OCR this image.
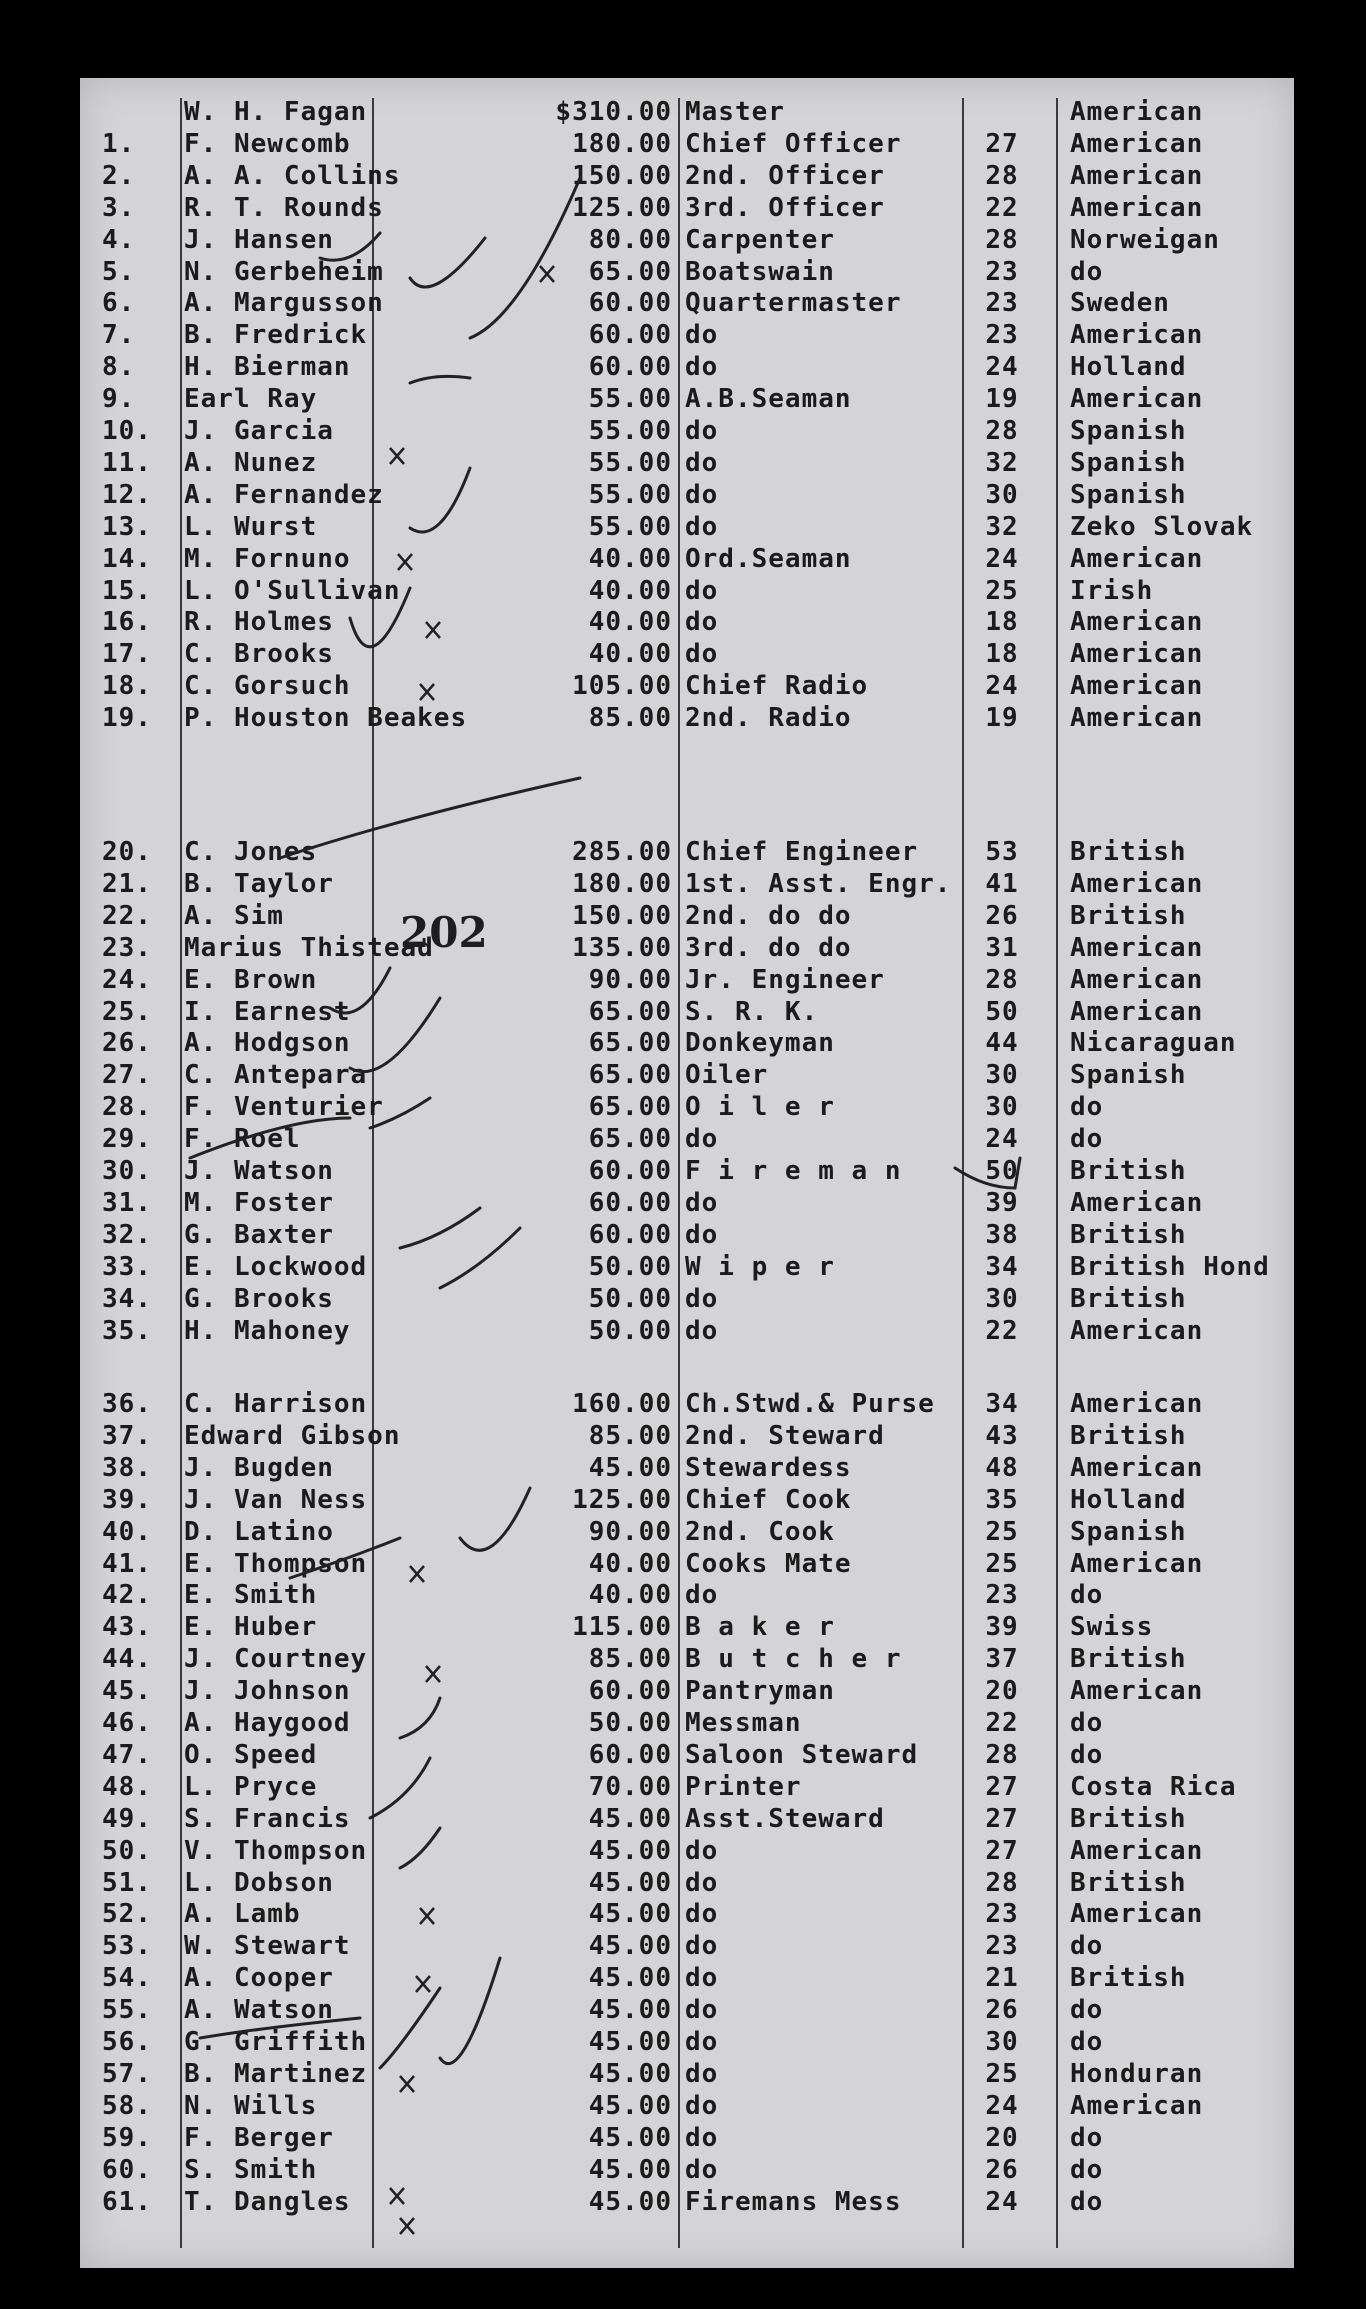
W. H. Fagan	$310.00 Master	American
1.	F. Newcomb	180.00 Chief Officer	27	American
2.	A. A. Collins	150.00 2nd. Officer	28	American
3.	R. T. Rounds	125.00 3rd. Officer	22	American
4.	J. Hansen	80.00 Carpenter	28	Norweigan
5.	N. Gerbeheim	65.00 Boatswain	23	do
6.	A. Margusson	60.00 Quartermaster	23	Sweden
7.	B. Fredrick	60.00 do	23	American
8.	H. Bierman	60.00 do	24	Holland
9.	Earl Ray	55.00 A.B.Seaman	19	American
10.	J. Garcia	55.00 do	28	Spanish
11.	A. Nunez	55.00 do	32	Spanish
12.	A. Fernandez	55.00 do	30	Spanish
13.	L. Wurst	55.00 do	32	Zeko Slovak
14.	M. Fornuno	40.00 Ord.Seaman	24	American
15.	L. O'Sullivan	40.00 do	25	Irish
16.	R. Holmes	40.00 do	18	American
17.	C. Brooks	40.00 do	18	American
18.	C. Gorsuch	105.00 Chief Radio	24	American
19.	P. Houston Beakes	85.00 2nd. Radio	19	American
20.	C. Jones	285.00 Chief Engineer	53	British
21.	B. Taylor	180.00 1st. Asst. Engr.	41	American
22.	A. Sim	150.00 2nd. do do	26	British
23.	Marius Thistead	135.00 3rd. do do	31	American
24.	E. Brown	90.00 Jr. Engineer	28	American
25.	I. Earnest	65.00 S. R. K.	50	American
26.	A. Hodgson	65.00 Donkeyman	44	Nicaraguan
27.	C. Antepara	65.00 Oiler	30	Spanish
28.	F. Venturier	65.00 O i l e r	30	do
29.	F. Roel	65.00 do	24	do
30.	J. Watson	60.00 F i r e m a n	50	British
31.	M. Foster	60.00 do	39	American
32.	G. Baxter	60.00 do	38	British
33.	E. Lockwood	50.00 W i p e r	34	British Hond
34.	G. Brooks	50.00 do	30	British
35.	H. Mahoney	50.00 do	22	American
36.	C. Harrison	160.00 Ch.Stwd.& Purse	34	American
37.	Edward Gibson	85.00 2nd. Steward	43	British
38.	J. Bugden	45.00 Stewardess	48	American
39.	J. Van Ness	125.00 Chief Cook	35	Holland
40.	D. Latino	90.00 2nd. Cook	25	Spanish
41.	E. Thompson	40.00 Cooks Mate	25	American
42.	E. Smith	40.00 do	23	do
43.	E. Huber	115.00 B a k e r	39	Swiss
44.	J. Courtney	85.00 B u t c h e r	37	British
45.	J. Johnson	60.00 Pantryman	20	American
46.	A. Haygood	50.00 Messman	22	do
47.	O. Speed	60.00 Saloon Steward	28	do
48.	L. Pryce	70.00 Printer	27	Costa Rica
49.	S. Francis	45.00 Asst.Steward	27	British
50.	V. Thompson	45.00 do	27	American
51.	L. Dobson	45.00 do	28	British
52.	A. Lamb	45.00 do	23	American
53.	W. Stewart	45.00 do	23	do
54.	A. Cooper	45.00 do	21	British
55.	A. Watson	45.00 do	26	do
56.	G. Griffith	45.00 do	30	do
57.	B. Martinez	45.00 do	25	Honduran
58.	N. Wills	45.00 do	24	American
59.	F. Berger	45.00 do	20	do
60.	S. Smith	45.00 do	26	do
61.	T. Dangles	45.00 Firemans Mess	24	do
202
